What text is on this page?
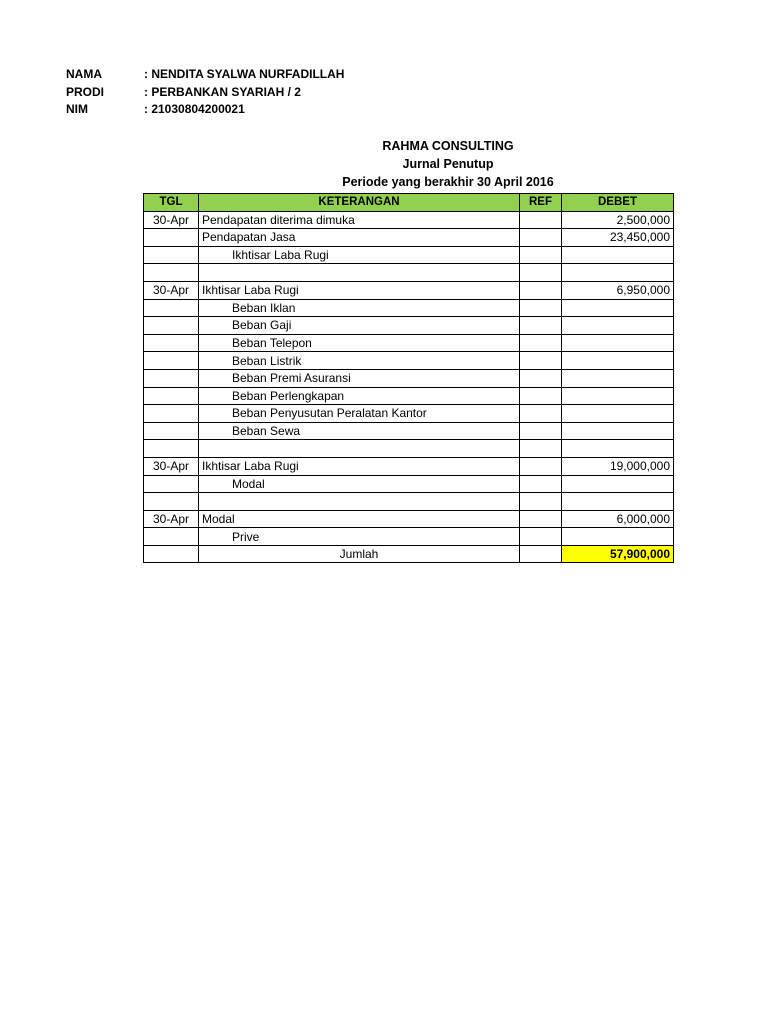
NAMA	: NENDITA SYALWA NURFADILLAH
PRODI	: PERBANKAN SYARIAH / 2
NIM	: 21030804200021
RAHMA CONSULTING
Jurnal Penutup
Periode yang berakhir 30 April 2016
TGL	KETERANGAN	REF	DEBET
30-Apr	Pendapatan diterima dimuka		2,500,000
	Pendapatan Jasa		23,450,000
	Ikhtisar Laba Rugi		

30-Apr	Ikhtisar Laba Rugi		6,950,000
	Beban Iklan		
	Beban Gaji		
	Beban Telepon		
	Beban Listrik		
	Beban Premi Asuransi		
	Beban Perlengkapan		
	Beban Penyusutan Peralatan Kantor		
	Beban Sewa		

30-Apr	Ikhtisar Laba Rugi		19,000,000
	Modal		

30-Apr	Modal		6,000,000
	Prive		
	Jumlah		57,900,000
